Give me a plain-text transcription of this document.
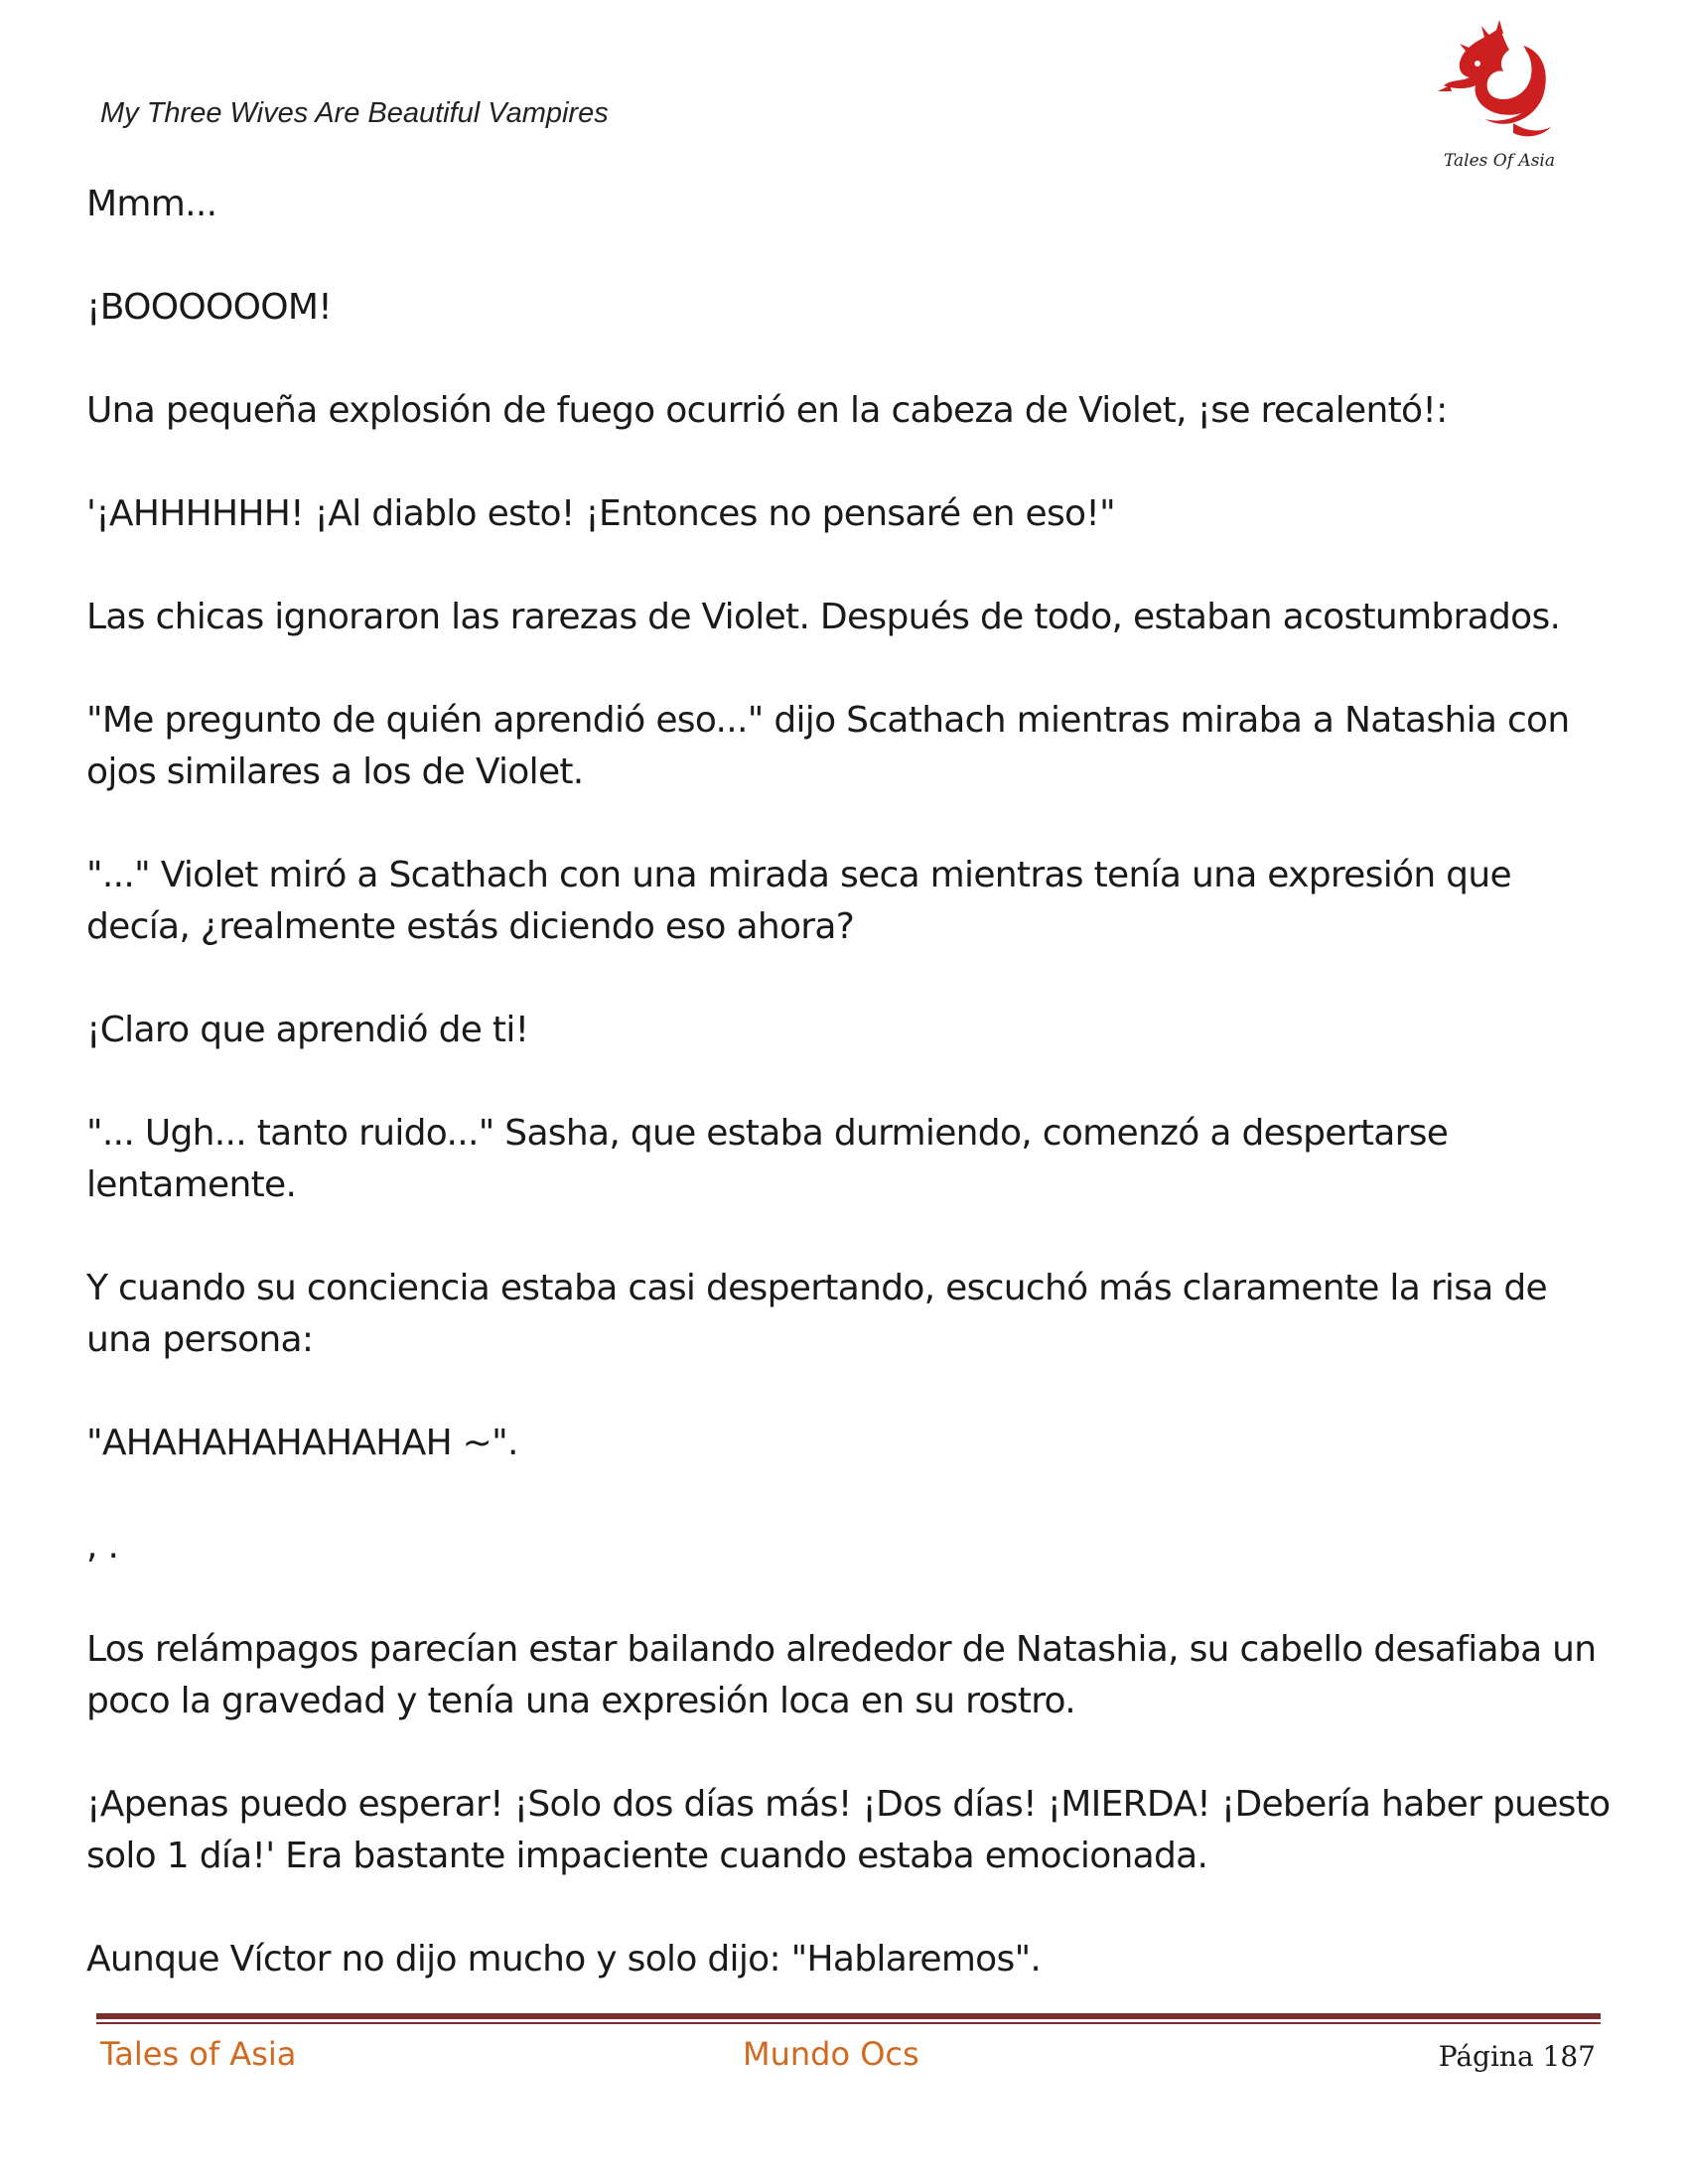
My Three Wives Are Beautiful Vampires
Tales Of Asia

Mmm...

¡BOOOOOOM!

Una pequeña explosión de fuego ocurrió en la cabeza de Violet, ¡se recalentó!:

'¡AHHHHHH! ¡Al diablo esto! ¡Entonces no pensaré en eso!"

Las chicas ignoraron las rarezas de Violet. Después de todo, estaban acostumbrados.

"Me pregunto de quién aprendió eso..." dijo Scathach mientras miraba a Natashia con ojos similares a los de Violet.

"..." Violet miró a Scathach con una mirada seca mientras tenía una expresión que decía, ¿realmente estás diciendo eso ahora?

¡Claro que aprendió de ti!

"... Ugh... tanto ruido..." Sasha, que estaba durmiendo, comenzó a despertarse lentamente.

Y cuando su conciencia estaba casi despertando, escuchó más claramente la risa de una persona:

"AHAHAHAHAHAHAH ~".

, .

Los relámpagos parecían estar bailando alrededor de Natashia, su cabello desafiaba un poco la gravedad y tenía una expresión loca en su rostro.

¡Apenas puedo esperar! ¡Solo dos días más! ¡Dos días! ¡MIERDA! ¡Debería haber puesto solo 1 día!' Era bastante impaciente cuando estaba emocionada.

Aunque Víctor no dijo mucho y solo dijo: "Hablaremos".

Tales of Asia	Mundo Ocs	Página 187
